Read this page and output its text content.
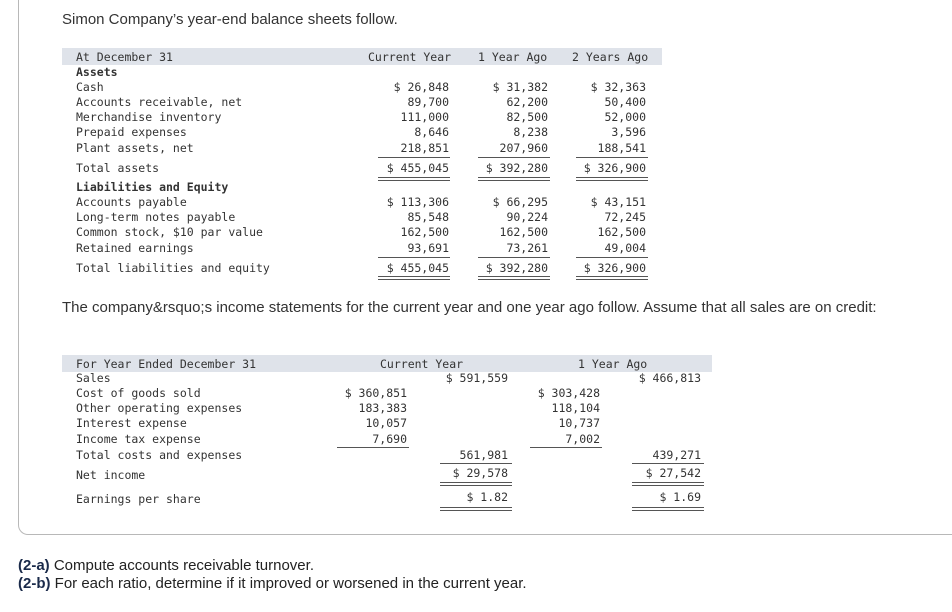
Simon Company’s year-end balance sheets follow.
At December 31	Current Year 1 Year Ago 2 Years Ago
Assets
Cash	$ 26,848	$ 31,382	$ 32,363
Accounts receivable, net	89,700	62,200	50,400
Merchandise inventory	111,000	82,500	52,000
Prepaid expenses	8,646	8,238	3,596
Plant assets, net	218,851	207,960	188,541
Total assets	$ 455,045	$ 392,280	$ 326,900
Liabilities and Equity
Accounts payable	$ 113,306	$ 66,295	$ 43,151
Long-term notes payable	85,548	90,224	72,245
Common stock, $10 par value	162,500	162,500	162,500
Retained earnings	93,691	73,261	49,004
Total liabilities and equity	$ 455,045	$ 392,280	$ 326,900
The company&rsquo;s income statements for the current year and one year ago follow. Assume that all sales are on credit:
For Year Ended December 31	Current Year	1 Year Ago
Sales	$ 591,559	$ 466,813
Cost of goods sold	$ 360,851	$ 303,428
Other operating expenses	183,383	118,104
Interest expense	10,057	10,737
Income tax expense	7,690	7,002
Total costs and expenses	561,981	439,271
Net income	$ 29,578	$ 27,542
Earnings per share	$ 1.82	$ 1.69
(2-a) Compute accounts receivable turnover.
(2-b) For each ratio, determine if it improved or worsened in the current year.
